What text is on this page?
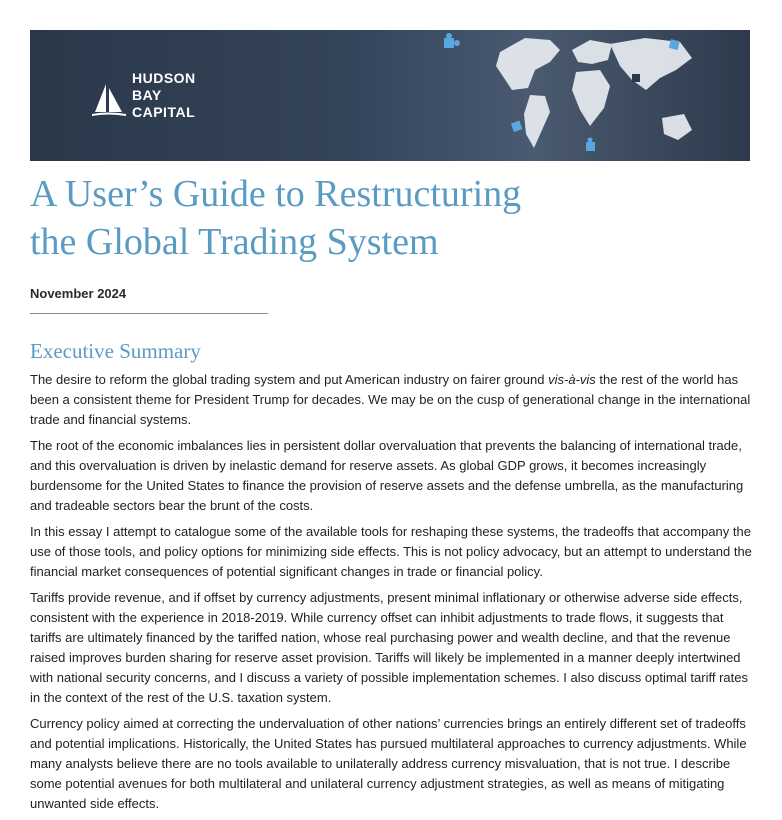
HUDSON
BAY
CAPITAL
A User’s Guide to Restructuring
the Global Trading System
November 2024
Executive Summary

The desire to reform the global trading system and put American industry on fairer ground vis-à-vis the rest of the world has been a consistent theme for President Trump for decades. We may be on the cusp of generational change in the international trade and financial systems.

The root of the economic imbalances lies in persistent dollar overvaluation that prevents the balancing of international trade, and this overvaluation is driven by inelastic demand for reserve assets. As global GDP grows, it becomes increasingly burdensome for the United States to finance the provision of reserve assets and the defense umbrella, as the manufacturing and tradeable sectors bear the brunt of the costs.

In this essay I attempt to catalogue some of the available tools for reshaping these systems, the tradeoffs that accompany the use of those tools, and policy options for minimizing side effects. This is not policy advocacy, but an attempt to understand the financial market consequences of potential significant changes in trade or financial policy.

Tariffs provide revenue, and if offset by currency adjustments, present minimal inflationary or otherwise adverse side effects, consistent with the experience in 2018-2019. While currency offset can inhibit adjustments to trade flows, it suggests that tariffs are ultimately financed by the tariffed nation, whose real purchasing power and wealth decline, and that the revenue raised improves burden sharing for reserve asset provision. Tariffs will likely be implemented in a manner deeply intertwined with national security concerns, and I discuss a variety of possible implementation schemes. I also discuss optimal tariff rates in the context of the rest of the U.S. taxation system.

Currency policy aimed at correcting the undervaluation of other nations’ currencies brings an entirely different set of tradeoffs and potential implications. Historically, the United States has pursued multilateral approaches to currency adjustments. While many analysts believe there are no tools available to unilaterally address currency misvaluation, that is not true. I describe some potential avenues for both multilateral and unilateral currency adjustment strategies, as well as means of mitigating unwanted side effects.
